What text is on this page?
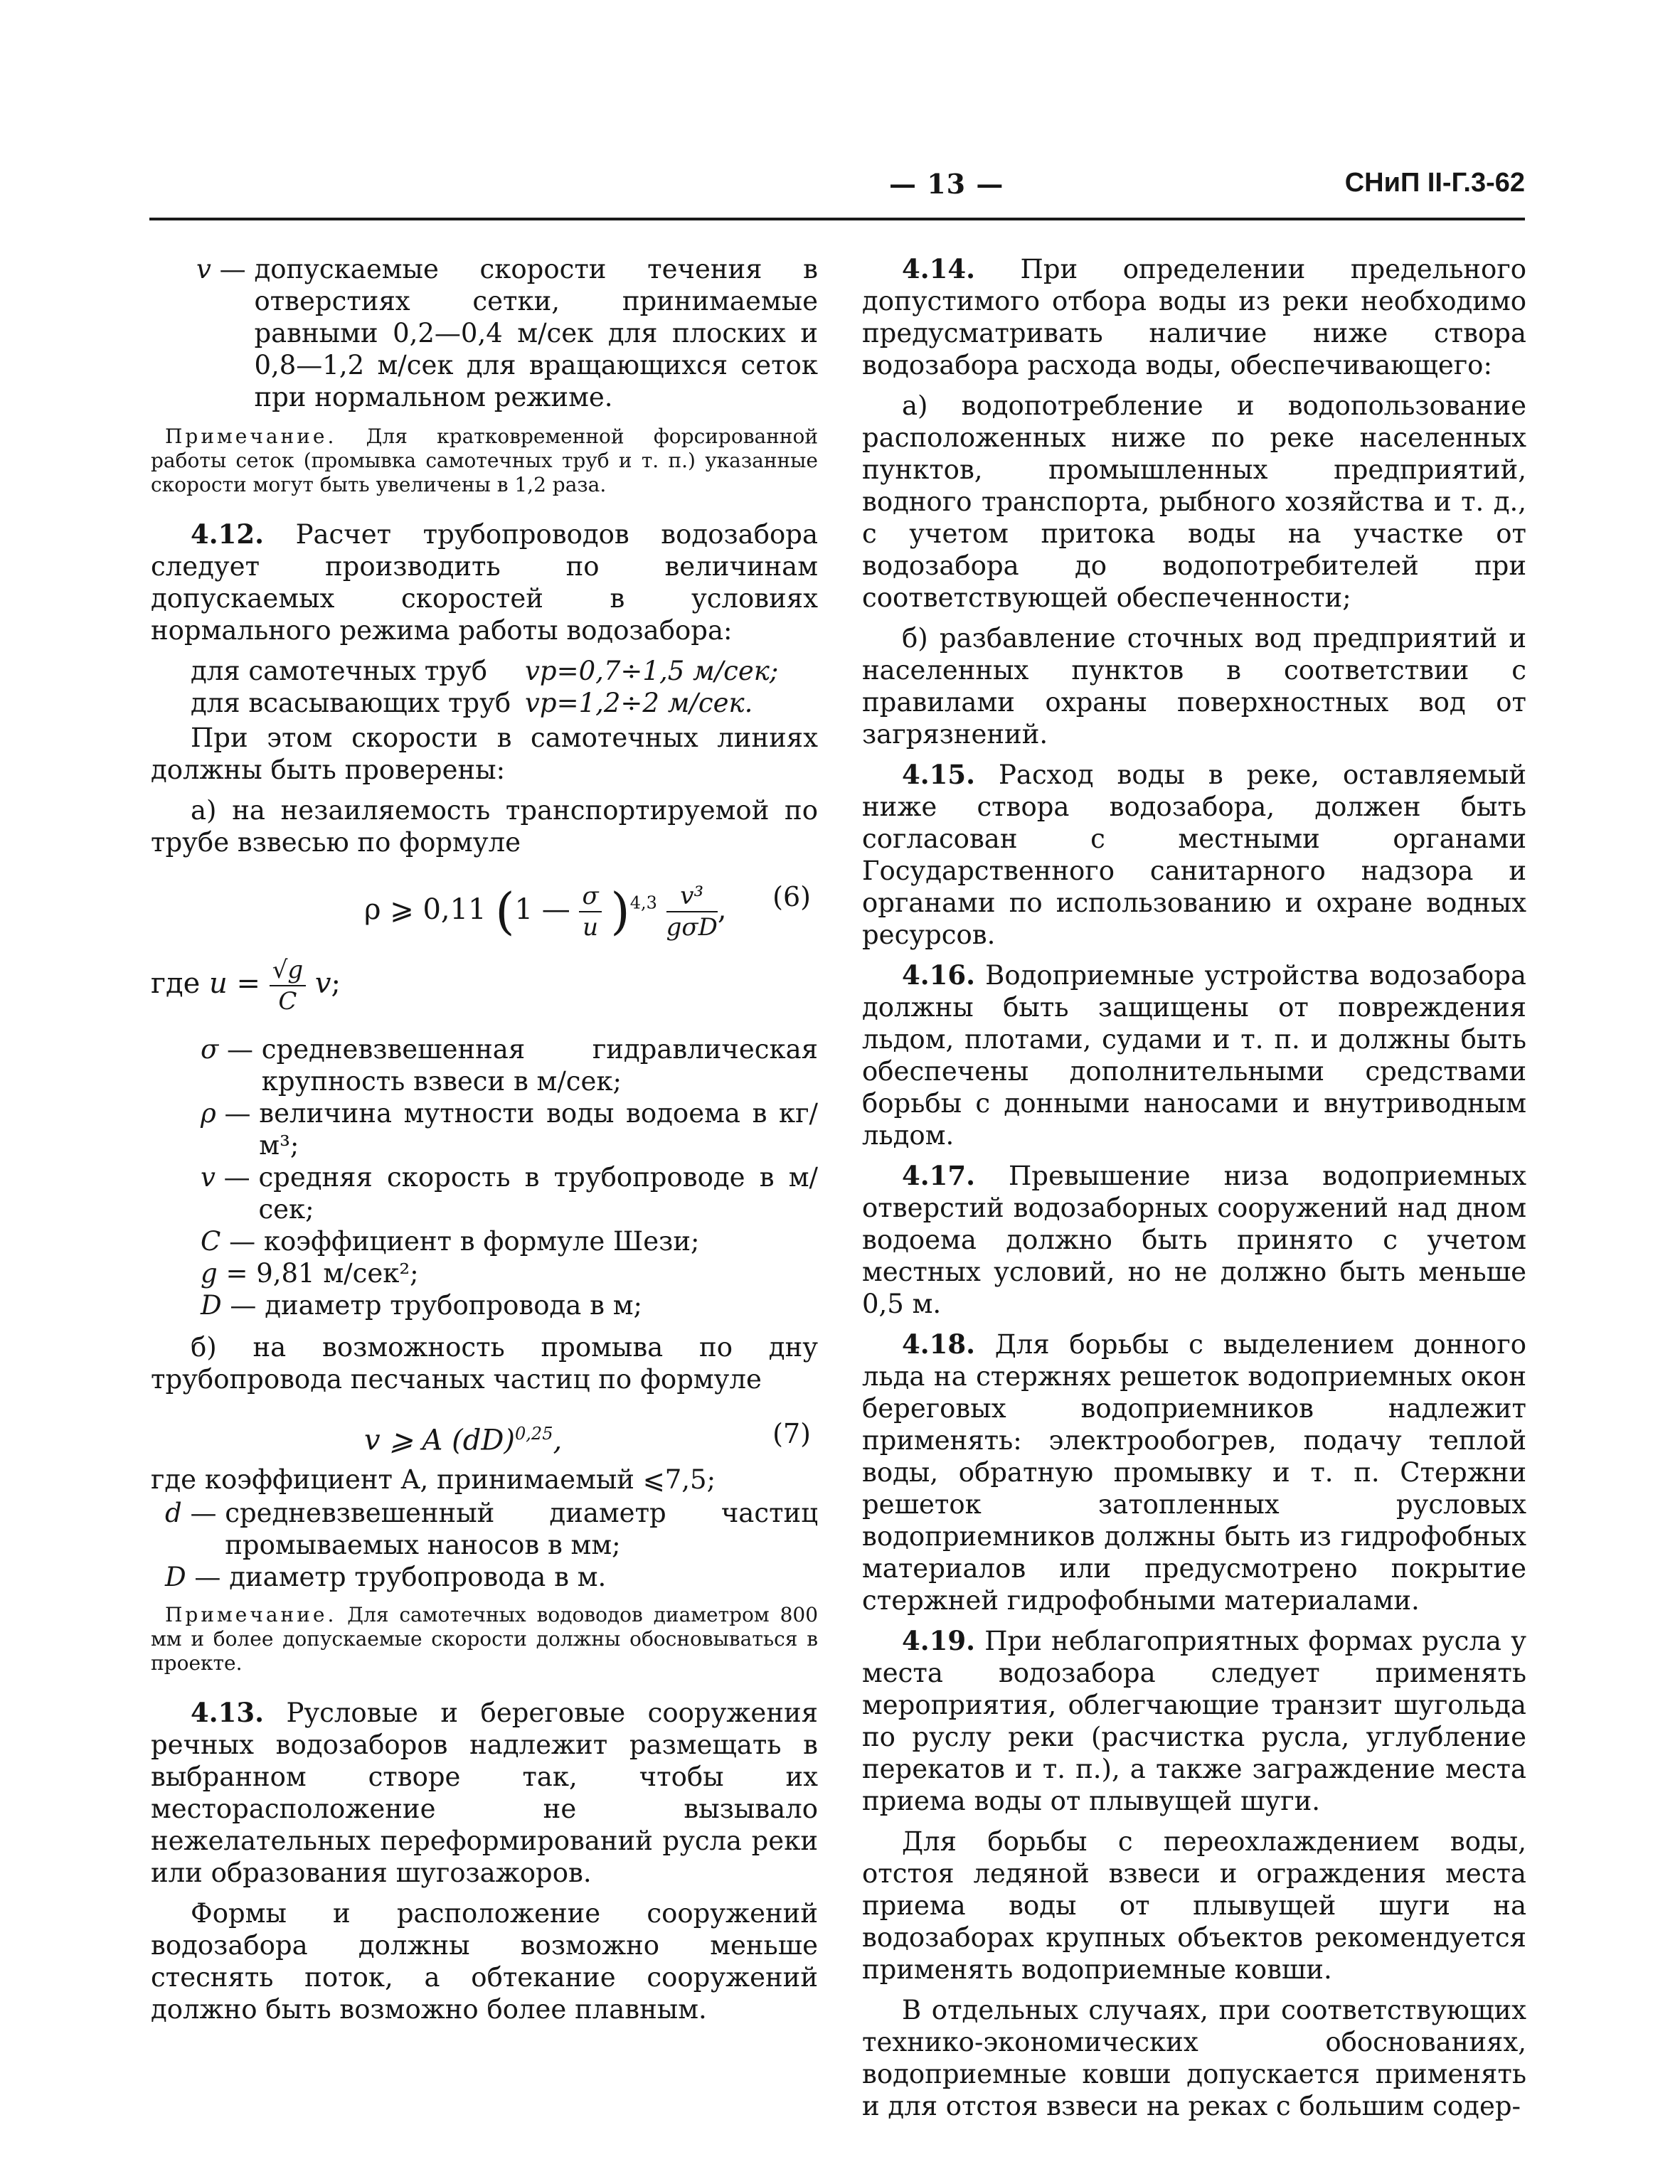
— 13 —	СНиП II-Г.3-62
v — допускаемые скорости течения в отверстиях сетки, принимаемые равными 0,2—0,4 м/сек для плоских и 0,8—1,2 м/сек для вращающихся сеток при нормальном режиме.
Примечание. Для кратковременной форсированной работы сеток (промывка самотечных труб и т. п.) указанные скорости могут быть увеличены в 1,2 раза.

4.12. Расчет трубопроводов водозабора следует производить по величинам допускаемых скоростей в условиях нормального режима работы водозабора:

для самотечных труб	vp=0,7÷1,5 м/сек;
для всасывающих труб vp=1,2÷2 м/сек.

При этом скорости в самотечных линиях должны быть проверены:

а) на незаиляемость транспортируемой по трубе взвесью по формуле

ρ ⩾ 0,11 (1 — $\frac{\sigma}{u} )^{4,3} \frac{\text{v³}}{\text{gσD}}$ , (6)
где $u = \frac{√g}{C} v$;
σ — средневзвешенная гидравлическая крупность взвеси в м/сек;
ρ — величина мутности воды водоема в кг/м³;
v — средняя скорость в трубопроводе в м/сек;
C — коэффициент в формуле Шези;
g
= 9,81 м/сек²;
D — диаметр трубопровода в м;

б) на возможность промыва по дну трубопровода песчаных частиц по формуле

v ⩾ A (dD)$^{0,25}$,	(7)

где коэффициент A, принимаемый ⩽7,5;

d — средневзвешенный диаметр частиц промываемых наносов в мм;
D — диаметр трубопровода в м.
Примечание. Для самотечных водоводов диаметром 800 мм и более допускаемые скорости должны обосновываться в проекте.

4.13. Русловые и береговые сооружения речных водозаборов надлежит размещать в выбранном створе так, чтобы их месторасположение не вызывало нежелательных переформирований русла реки или образования шугозажоров.

Формы и расположение сооружений водозабора должны возможно меньше стеснять поток, а обтекание сооружений должно быть возможно более плавным.

4.14. При определении предельного допустимого отбора воды из реки необходимо предусматривать наличие ниже створа водозабора расхода воды, обеспечивающего:

а) водопотребление и водопользование расположенных ниже по реке населенных пунктов, промышленных предприятий, водного транспорта, рыбного хозяйства и т. д., с учетом притока воды на участке от водозабора до водопотребителей при соответствующей обеспеченности;

б) разбавление сточных вод предприятий и населенных пунктов в соответствии с правилами охраны поверхностных вод от загрязнений.

4.15. Расход воды в реке, оставляемый ниже створа водозабора, должен быть согласован с местными органами Государственного санитарного надзора и органами по использованию и охране водных ресурсов.

4.16. Водоприемные устройства водозабора должны быть защищены от повреждения льдом, плотами, судами и т. п. и должны быть обеспечены дополнительными средствами борьбы с донными наносами и внутриводным льдом.

4.17. Превышение низа водоприемных отверстий водозаборных сооружений над дном водоема должно быть принято с учетом местных условий, но не должно быть меньше 0,5 м.

4.18. Для борьбы с выделением донного льда на стержнях решеток водоприемных окон береговых водоприемников надлежит применять: электрообогрев, подачу теплой воды, обратную промывку и т. п. Стержни решеток затопленных русловых водоприемников должны быть из гидрофобных материалов или предусмотрено покрытие стержней гидрофобными материалами.

4.19. При неблагоприятных формах русла у места водозабора следует применять мероприятия, облегчающие транзит шугольда по руслу реки (расчистка русла, углубление перекатов и т. п.), а также заграждение места приема воды от плывущей шуги.

Для борьбы с переохлаждением воды, отстоя ледяной взвеси и ограждения места приема воды от плывущей шуги на водозаборах крупных объектов рекомендуется применять водоприемные ковши.

В отдельных случаях, при соответствующих технико-экономических обоснованиях, водоприемные ковши допускается применять и для отстоя взвеси на реках с большим содер-
